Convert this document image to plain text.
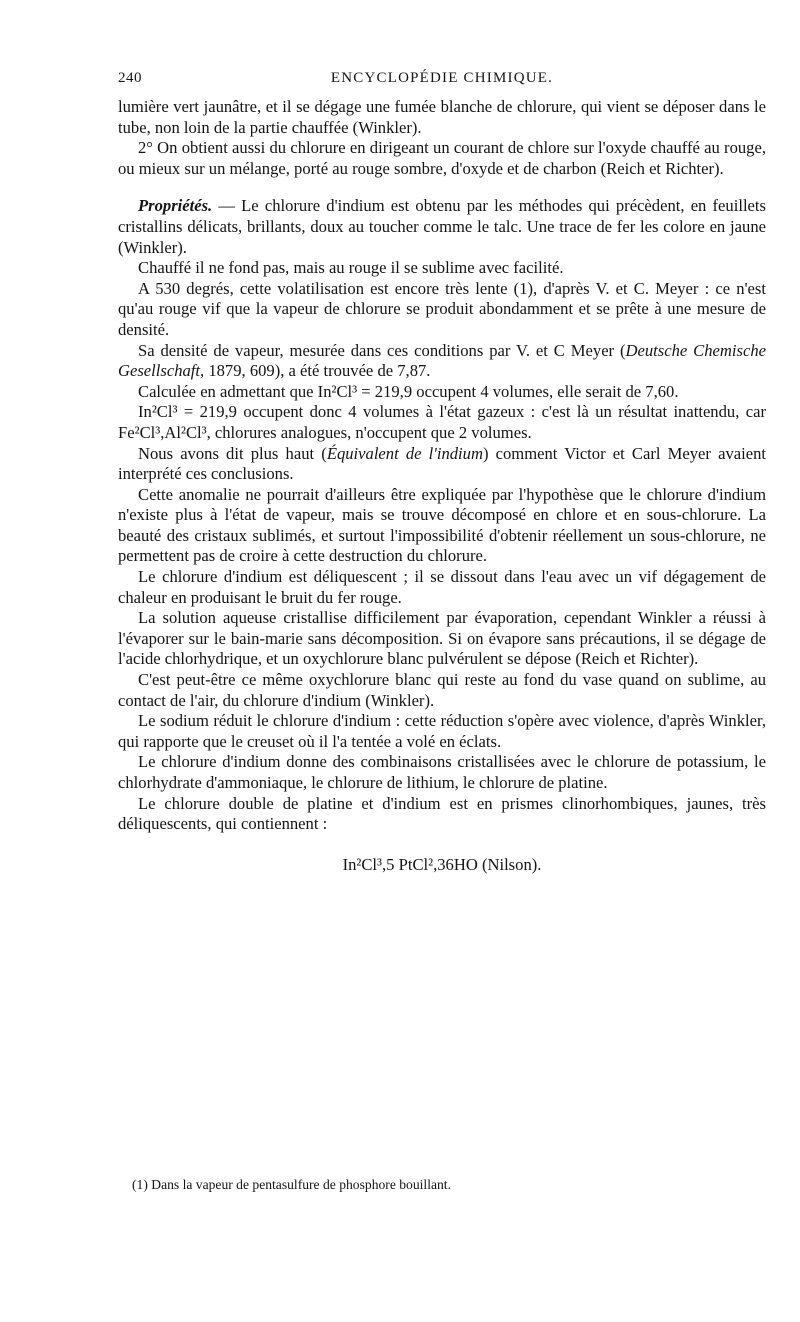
240	ENCYCLOPÉDIE CHIMIQUE.

lumière vert jaunâtre, et il se dégage une fumée blanche de chlorure, qui vient se déposer dans le tube, non loin de la partie chauffée (Winkler).

2° On obtient aussi du chlorure en dirigeant un courant de chlore sur l'oxyde chauffé au rouge, ou mieux sur un mélange, porté au rouge sombre, d'oxyde et de charbon (Reich et Richter).

Propriétés. — Le chlorure d'indium est obtenu par les méthodes qui précèdent, en feuillets cristallins délicats, brillants, doux au toucher comme le talc. Une trace de fer les colore en jaune (Winkler).

Chauffé il ne fond pas, mais au rouge il se sublime avec facilité.

A 530 degrés, cette volatilisation est encore très lente (1), d'après V. et C. Meyer : ce n'est qu'au rouge vif que la vapeur de chlorure se produit abondamment et se prête à une mesure de densité.

Sa densité de vapeur, mesurée dans ces conditions par V. et C Meyer (Deutsche Chemische Gesellschaft, 1879, 609), a été trouvée de 7,87.

Calculée en admettant que In²Cl³ = 219,9 occupent 4 volumes, elle serait de 7,60.

In²Cl³ = 219,9 occupent donc 4 volumes à l'état gazeux : c'est là un résultat inattendu, car Fe²Cl³,Al²Cl³, chlorures analogues, n'occupent que 2 volumes.

Nous avons dit plus haut (Équivalent de l'indium) comment Victor et Carl Meyer avaient interprété ces conclusions.

Cette anomalie ne pourrait d'ailleurs être expliquée par l'hypothèse que le chlorure d'indium n'existe plus à l'état de vapeur, mais se trouve décomposé en chlore et en sous-chlorure. La beauté des cristaux sublimés, et surtout l'impossibilité d'obtenir réellement un sous-chlorure, ne permettent pas de croire à cette destruction du chlorure.

Le chlorure d'indium est déliquescent ; il se dissout dans l'eau avec un vif dégagement de chaleur en produisant le bruit du fer rouge.

La solution aqueuse cristallise difficilement par évaporation, cependant Winkler a réussi à l'évaporer sur le bain-marie sans décomposition. Si on évapore sans précautions, il se dégage de l'acide chlorhydrique, et un oxychlorure blanc pulvérulent se dépose (Reich et Richter).

C'est peut-être ce même oxychlorure blanc qui reste au fond du vase quand on sublime, au contact de l'air, du chlorure d'indium (Winkler).

Le sodium réduit le chlorure d'indium : cette réduction s'opère avec violence, d'après Winkler, qui rapporte que le creuset où il l'a tentée a volé en éclats.

Le chlorure d'indium donne des combinaisons cristallisées avec le chlorure de potassium, le chlorhydrate d'ammoniaque, le chlorure de lithium, le chlorure de platine.

Le chlorure double de platine et d'indium est en prismes clinorhombiques, jaunes, très déliquescents, qui contiennent :

In²Cl³,5 PtCl²,36HO (Nilson).

(1) Dans la vapeur de pentasulfure de phosphore bouillant.
